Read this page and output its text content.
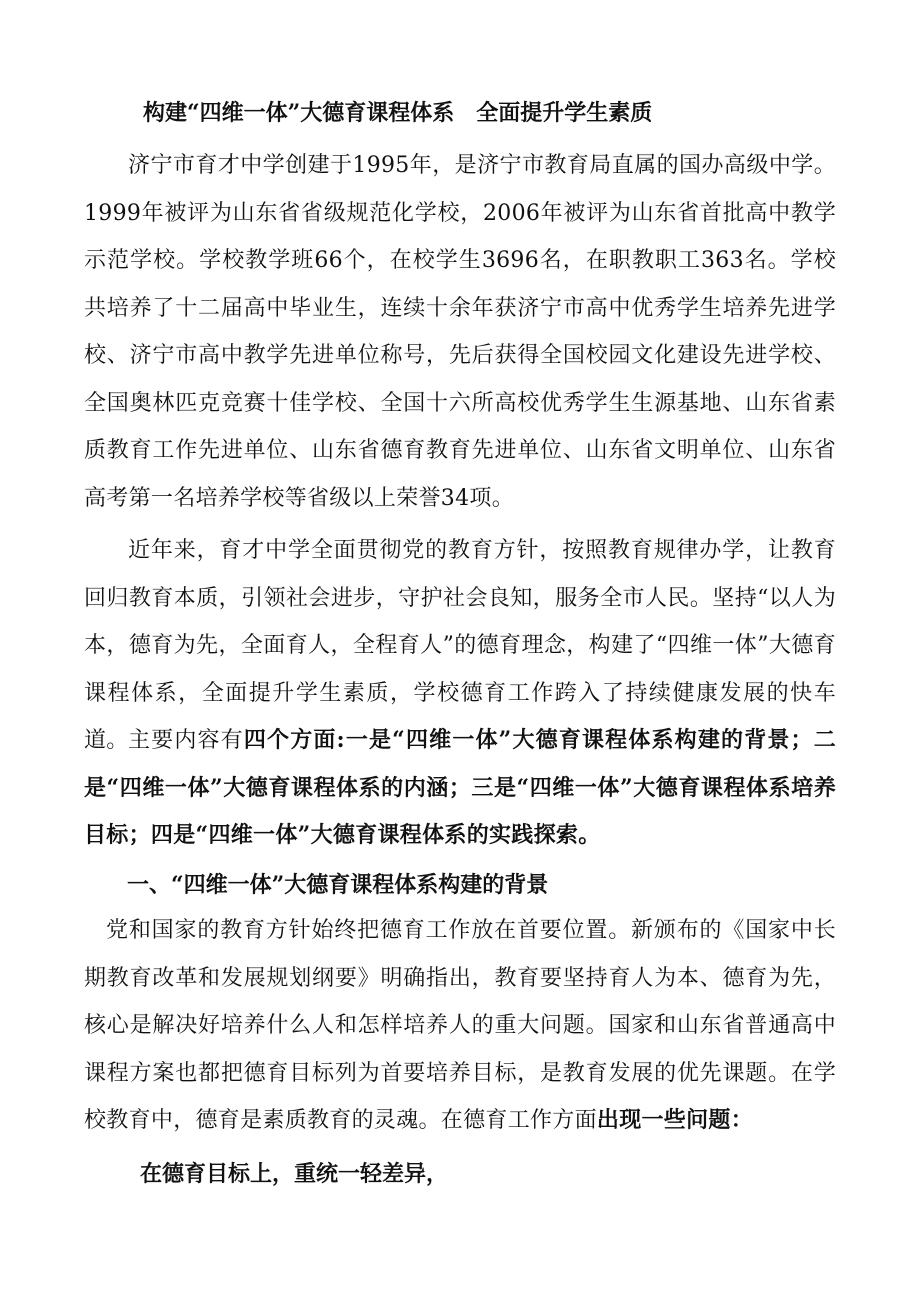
构建“四维一体”大德育课程体系　全面提升学生素质
济宁市育才中学创建于1995年，是济宁市教育局直属的国办高级中学。1999年被评为山东省省级规范化学校，2006年被评为山东省首批高中教学示范学校。学校教学班66个，在校学生3696名，在职教职工363名。学校共培养了十二届高中毕业生，连续十余年获济宁市高中优秀学生培养先进学校、济宁市高中教学先进单位称号，先后获得全国校园文化建设先进学校、全国奥林匹克竞赛十佳学校、全国十六所高校优秀学生生源基地、山东省素质教育工作先进单位、山东省德育教育先进单位、山东省文明单位、山东省高考第一名培养学校等省级以上荣誉34项。
近年来，育才中学全面贯彻党的教育方针，按照教育规律办学，让教育回归教育本质，引领社会进步，守护社会良知，服务全市人民。坚持“以人为本，德育为先，全面育人，全程育人”的德育理念，构建了“四维一体”大德育课程体系，全面提升学生素质，学校德育工作跨入了持续健康发展的快车道。 主要内容有四个方面:一是“四维一体”大德育课程体系构建的背景；二是“四维一体”大德育课程体系的内涵；三是“四维一体”大德育课程体系培养目标；四是“四维一体”大德育课程体系的实践探索。
一、“四维一体”大德育课程体系构建的背景
党和国家的教育方针始终把德育工作放在首要位置。新颁布的《国家中长期教育改革和发展规划纲要》明确指出，教育要坚持育人为本、德育为先，核心是解决好培养什么人和怎样培养人的重大问题。国家和山东省普通高中课程方案也都把德育目标列为首要培养目标，是教育发展的优先课题。在学校教育中，德育是素质教育的灵魂。在德育工作方面出现一些问题：
在德育目标上，重统一轻差异，
